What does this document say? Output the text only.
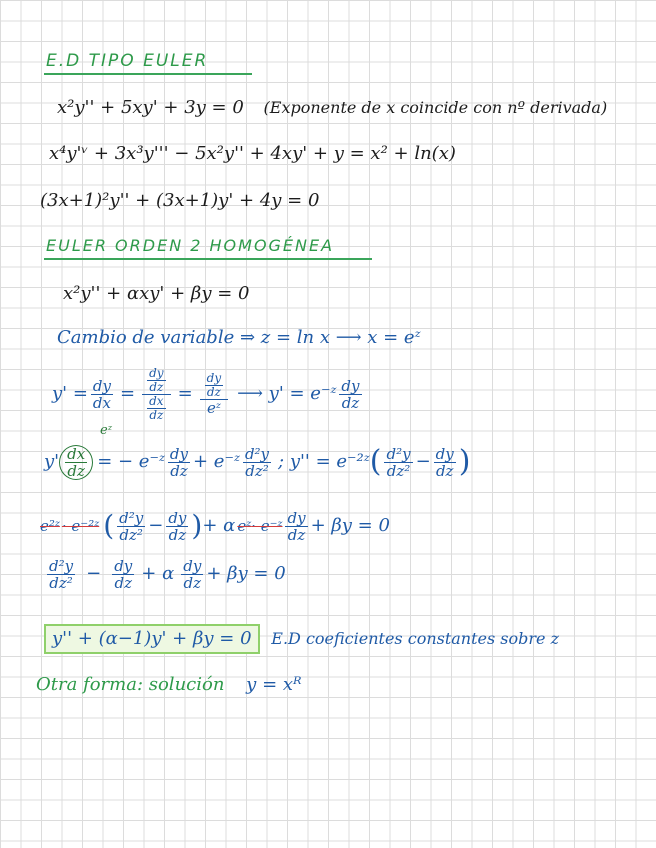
E.D TIPO EULER
x²y'' + 5xy' + 3y = 0 (Exponente de x coincide con nº derivada)
x⁴y'ᵛ + 3x³y''' − 5x²y'' + 4xy' + y = x² + ln(x)
(3x+1)²y'' + (3x+1)y' + 4y = 0
EULER ORDEN 2 HOMOGÉNEA
x²y'' + αxy' + βy = 0
Cambio de variable ⇒ z = ln x ⟶ x = eᶻ
$y' = \frac{dy}{dx} = \frac{\frac{dy}{dz}}{\frac{dx}{dz}} = \frac{\frac{dy}{dz}}{\text{eᶻ}}$ ⟶ y' = e⁻ᶻ $\frac{dy}{dz}$
eᶻ
$y' \frac{dx}{dz}$ = − e⁻ᶻ $\frac{dy}{dz}$ + e⁻ᶻ $\frac{\text{d²y}}{\text{dz²}}$ ; y'' = e⁻²ᶻ ( $\frac{\text{d²y}}{\text{dz²}} - \frac{dy}{dz}$ )
e²ᶻ · e⁻²ᶻ ( $\frac{\text{d²y}}{\text{dz²}} - \frac{dy}{dz}$ ) + α eᶻ · e⁻ᶻ $\frac{dy}{dz} + \beta y = 0$
$\frac{\text{d²y}}{\text{dz²}} - \frac{dy}{dz} + \alpha \frac{dy}{dz} + \beta y = 0$
y'' + (α−1)y' + βy = 0 E.D coeficientes constantes sobre z
Otra forma: solución y = xᴿ
